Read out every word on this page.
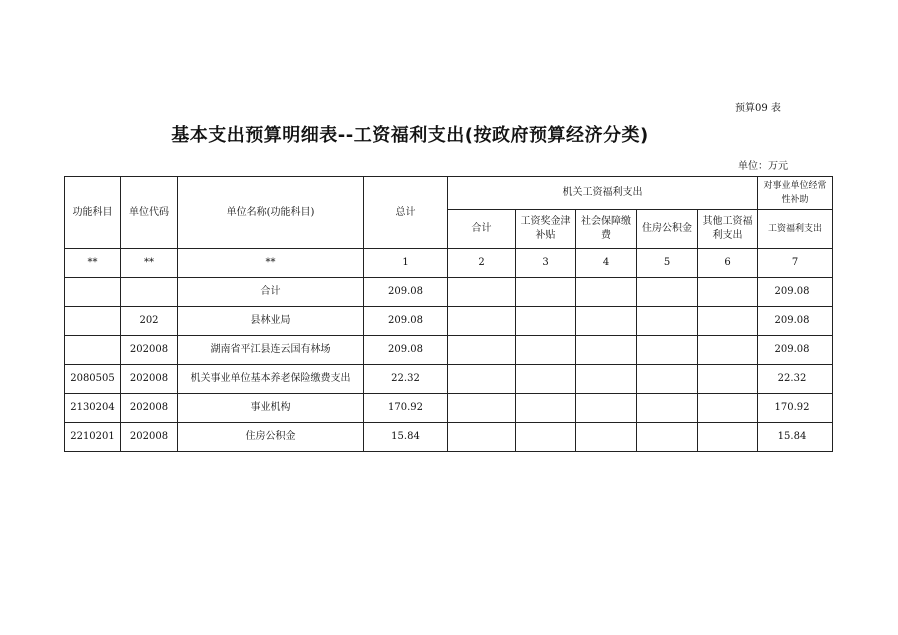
预算09 表
基本支出预算明细表--工资福利支出(按政府预算经济分类)
单位：万元
功能科目	单位代码	单位名称(功能科目)	总计	机关工资福利支出					对事业单位经常性补助
				合计	工资奖金津补贴	社会保障缴费	住房公积金	其他工资福利支出	工资福利支出
**	**	**	1	2	3	4	5	6	7
		合计	209.08						209.08
	202	县林业局	209.08						209.08
	202008	湖南省平江县连云国有林场	209.08						209.08
2080505	202008	机关事业单位基本养老保险缴费支出	22.32						22.32
2130204	202008	事业机构	170.92						170.92
2210201	202008	住房公积金	15.84						15.84
